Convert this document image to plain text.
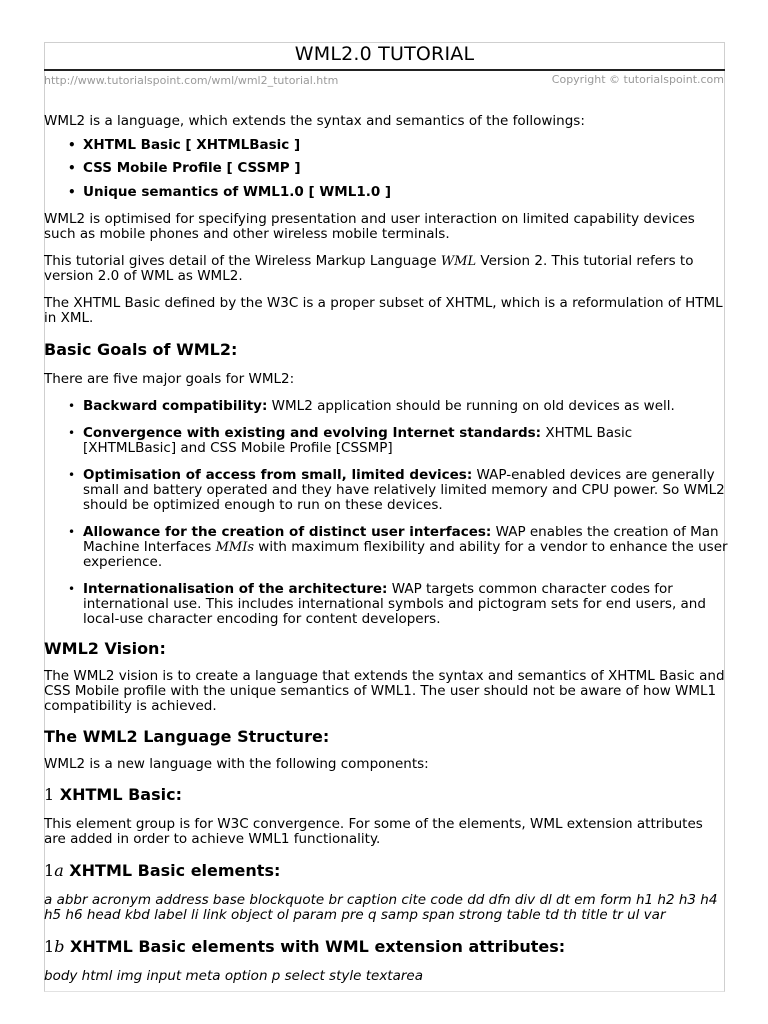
WML2.0 TUTORIAL
http://www.tutorialspoint.com/wml/wml2_tutorial.htm	Copyright © tutorialspoint.com

WML2 is a language, which extends the syntax and semantics of the followings:

• XHTML Basic [ XHTMLBasic ]
• CSS Mobile Profile [ CSSMP ]
• Unique semantics of WML1.0 [ WML1.0 ]

WML2 is optimised for specifying presentation and user interaction on limited capability devices such as mobile phones and other wireless mobile terminals.

This tutorial gives detail of the Wireless Markup Language WML Version 2. This tutorial refers to version 2.0 of WML as WML2.

The XHTML Basic defined by the W3C is a proper subset of XHTML, which is a reformulation of HTML in XML.

Basic Goals of WML2:

There are five major goals for WML2:

• Backward compatibility: WML2 application should be running on old devices as well.
• Convergence with existing and evolving Internet standards: XHTML Basic [XHTMLBasic] and CSS Mobile Profile [CSSMP]
• Optimisation of access from small, limited devices: WAP-enabled devices are generally small and battery operated and they have relatively limited memory and CPU power. So WML2 should be optimized enough to run on these devices.
• Allowance for the creation of distinct user interfaces: WAP enables the creation of Man Machine Interfaces MMIs with maximum flexibility and ability for a vendor to enhance the user experience.
• Internationalisation of the architecture: WAP targets common character codes for international use. This includes international symbols and pictogram sets for end users, and local-use character encoding for content developers.
WML2 Vision:

The WML2 vision is to create a language that extends the syntax and semantics of XHTML Basic and CSS Mobile profile with the unique semantics of WML1. The user should not be aware of how WML1 compatibility is achieved.

The WML2 Language Structure:

WML2 is a new language with the following components:

1 XHTML Basic:

This element group is for W3C convergence. For some of the elements, WML extension attributes are added in order to achieve WML1 functionality.

1a XHTML Basic elements:

a abbr acronym address base blockquote br caption cite code dd dfn div dl dt em form h1 h2 h3 h4 h5 h6 head kbd label li link object ol param pre q samp span strong table td th title tr ul var

1b XHTML Basic elements with WML extension attributes:

body html img input meta option p select style textarea
